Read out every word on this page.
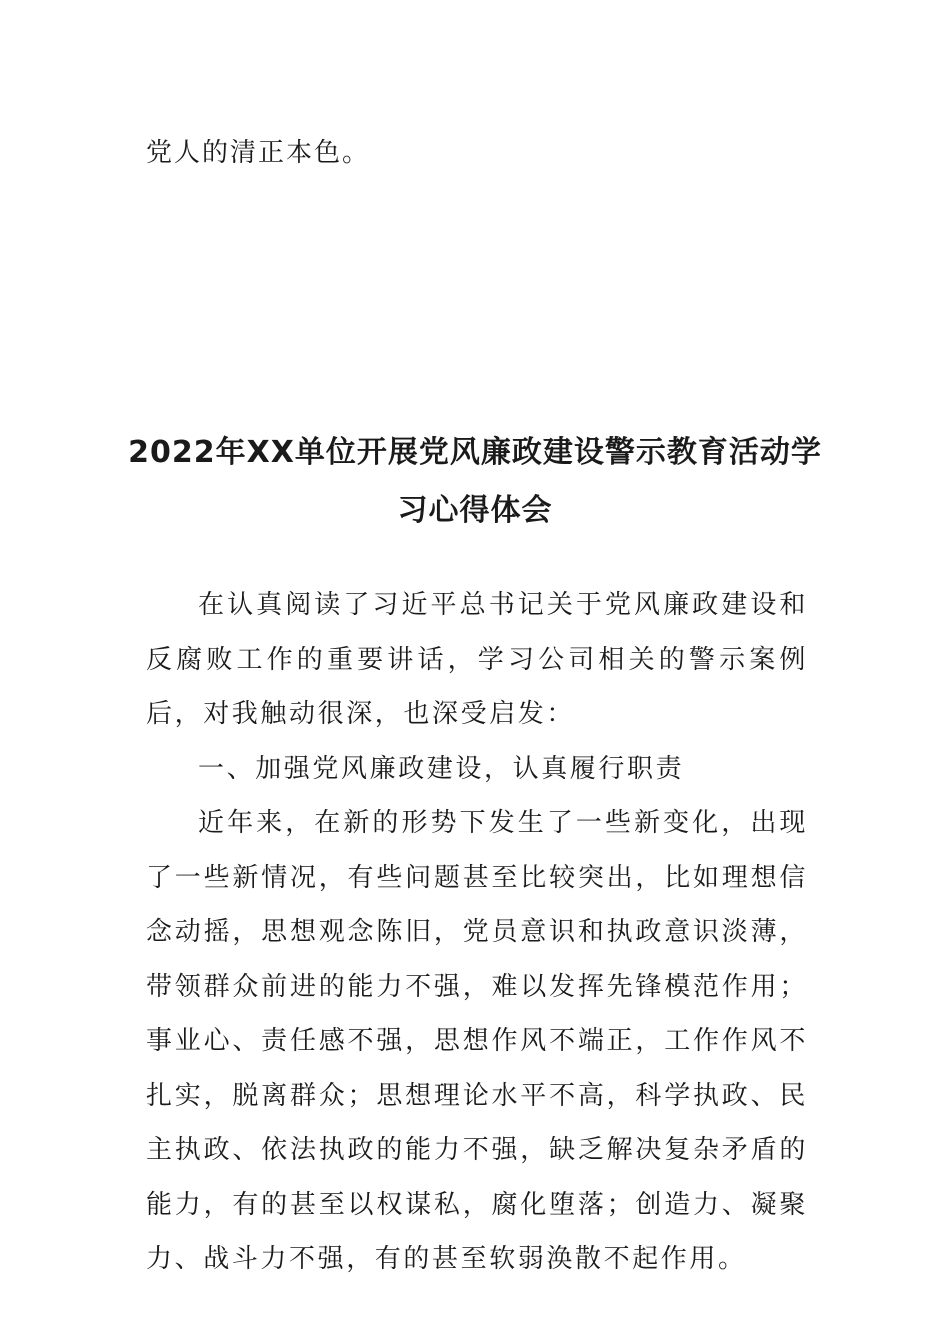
党人的清正本色。

2022年XX单位开展党风廉政建设警示教育活动学习心得体会

在认真阅读了习近平总书记关于党风廉政建设和反腐败工作的重要讲话，学习公司相关的警示案例后，对我触动很深，也深受启发：

一、加强党风廉政建设，认真履行职责

近年来，在新的形势下发生了一些新变化，出现了一些新情况，有些问题甚至比较突出，比如理想信念动摇，思想观念陈旧，党员意识和执政意识淡薄，带领群众前进的能力不强，难以发挥先锋模范作用；事业心、责任感不强，思想作风不端正，工作作风不扎实，脱离群众；思想理论水平不高，科学执政、民主执政、依法执政的能力不强，缺乏解决复杂矛盾的能力，有的甚至以权谋私，腐化堕落；创造力、凝聚力、战斗力不强，有的甚至软弱涣散不起作用。
